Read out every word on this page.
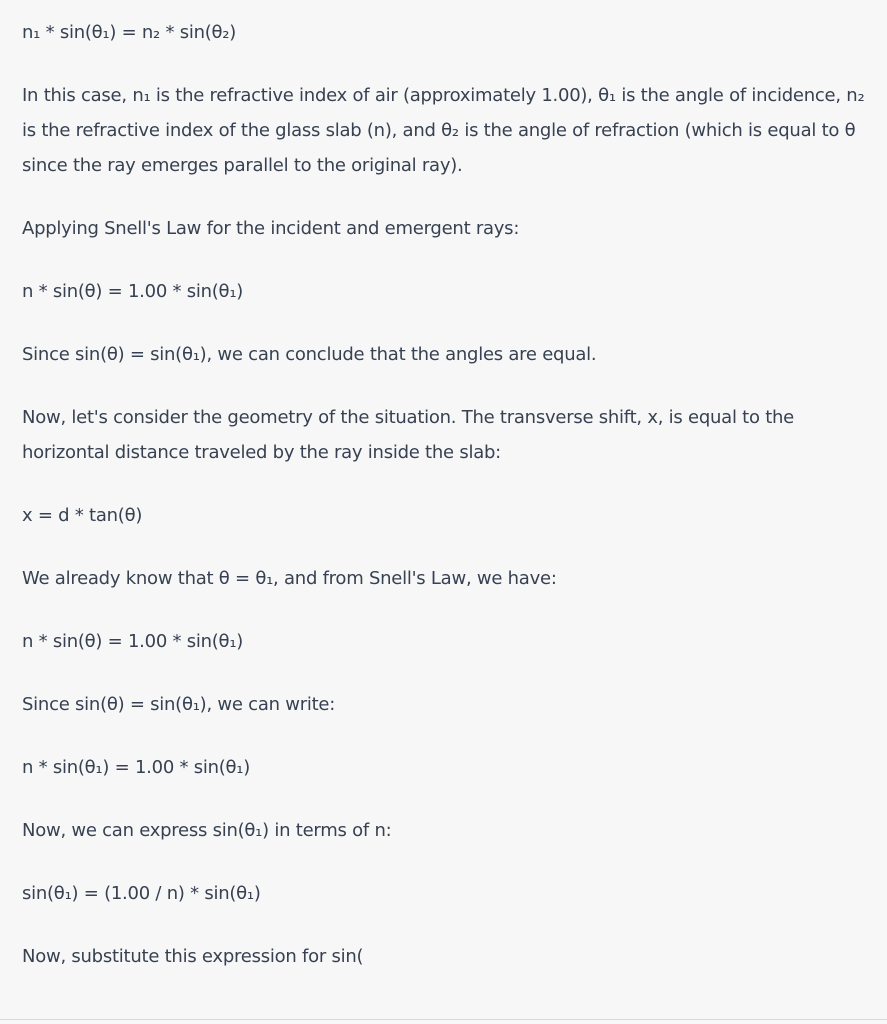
n₁ * sin(θ₁) = n₂ * sin(θ₂)

In this case, n₁ is the refractive index of air (approximately 1.00), θ₁ is the angle of incidence, n₂ is the refractive index of the glass slab (n), and θ₂ is the angle of refraction (which is equal to θ since the ray emerges parallel to the original ray).

Applying Snell's Law for the incident and emergent rays:

n * sin(θ) = 1.00 * sin(θ₁)

Since sin(θ) = sin(θ₁), we can conclude that the angles are equal.

Now, let's consider the geometry of the situation. The transverse shift, x, is equal to the horizontal distance traveled by the ray inside the slab:

x = d * tan(θ)

We already know that θ = θ₁, and from Snell's Law, we have:

n * sin(θ) = 1.00 * sin(θ₁)

Since sin(θ) = sin(θ₁), we can write:

n * sin(θ₁) = 1.00 * sin(θ₁)

Now, we can express sin(θ₁) in terms of n:

sin(θ₁) = (1.00 / n) * sin(θ₁)

Now, substitute this expression for sin(
